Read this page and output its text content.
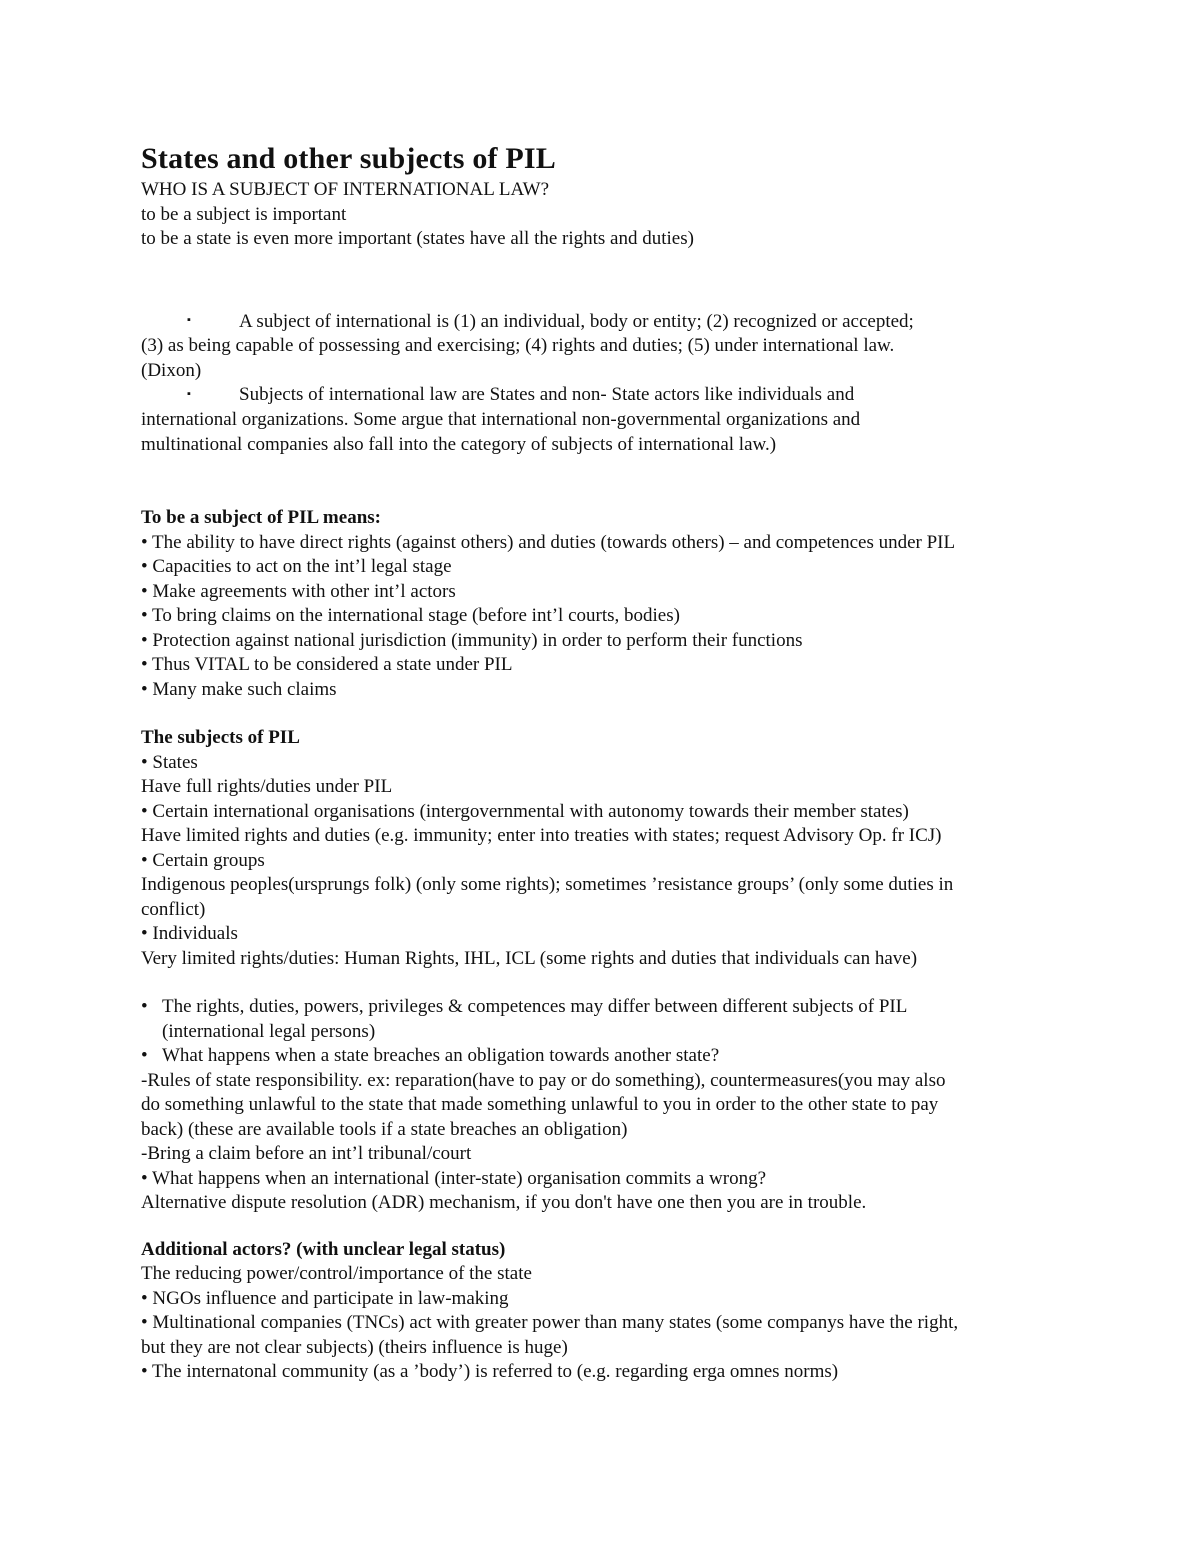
States and other subjects of PIL

WHO IS A SUBJECT OF INTERNATIONAL LAW?

to be a subject is important

to be a state is even more important (states have all the rights and duties)

▪	A subject of international is (1) an individual, body or entity; (2) recognized or accepted;

(3) as being capable of possessing and exercising; (4) rights and duties; (5) under international law.

(Dixon)

▪	Subjects of international law are States and non- State actors like individuals and

international organizations. Some argue that international non-governmental organizations and

multinational companies also fall into the category of subjects of international law.)

To be a subject of PIL means:

• The ability to have direct rights (against others) and duties (towards others) – and competences under PIL
• Capacities to act on the int’l legal stage
• Make agreements with other int’l actors
• To bring claims on the international stage (before int’l courts, bodies)
• Protection against national jurisdiction (immunity) in order to perform their functions
• Thus VITAL to be considered a state under PIL
• Many make such claims

The subjects of PIL

• States

Have full rights/duties under PIL

• Certain international organisations (intergovernmental with autonomy towards their member states)

Have limited rights and duties (e.g. immunity; enter into treaties with states; request Advisory Op. fr ICJ)

• Certain groups

Indigenous peoples(ursprungs folk) (only some rights); sometimes ’resistance groups’ (only some duties in

conflict)

• Individuals

Very limited rights/duties: Human Rights, IHL, ICL (some rights and duties that individuals can have)

• The rights, duties, powers, privileges & competences may differ between different subjects of PIL

(international legal persons)

• What happens when a state breaches an obligation towards another state?

-Rules of state responsibility. ex: reparation(have to pay or do something), countermeasures(you may also

do something unlawful to the state that made something unlawful to you in order to the other state to pay

back) (these are available tools if a state breaches an obligation)

-Bring a claim before an int’l tribunal/court

• What happens when an international (inter-state) organisation commits a wrong?

Alternative dispute resolution (ADR) mechanism, if you don't have one then you are in trouble.

Additional actors? (with unclear legal status)

The reducing power/control/importance of the state

• NGOs influence and participate in law-making

• Multinational companies (TNCs) act with greater power than many states (some companys have the right,

but they are not clear subjects) (theirs influence is huge)

• The internatonal community (as a ’body’) is referred to (e.g. regarding erga omnes norms)
